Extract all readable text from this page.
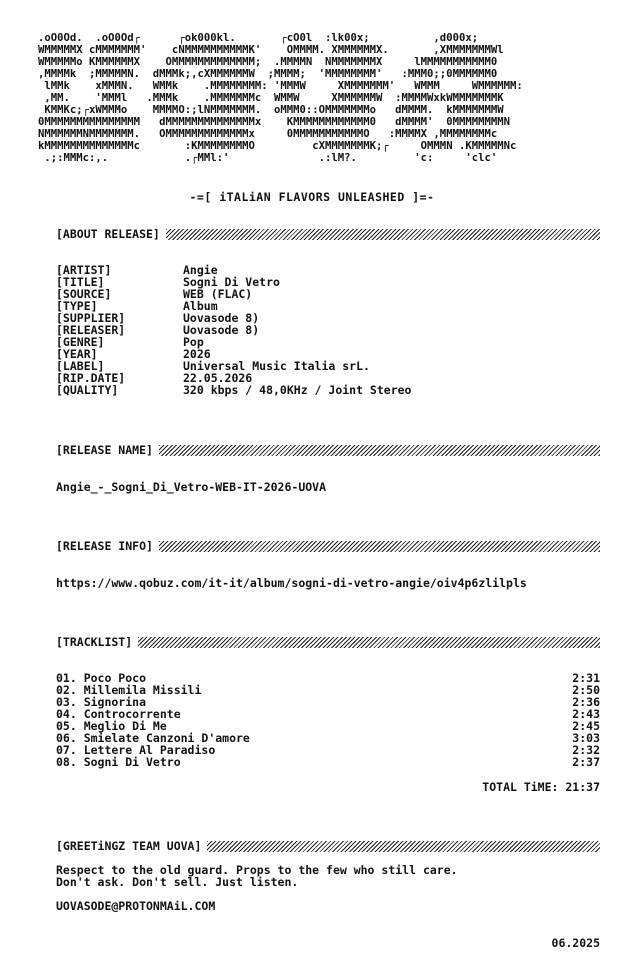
.oO0Od.  .oO0Od┌      ┌ok000kl.       ┌cO0l  :lk00x;          ,d000x;
WMMMMMX cMMMMMMM'    cNMMMMMMMMMMK'    OMMMM. XMMMMMMX.       ,XMMMMMMMWl
WMMMMMo KMMMMMMX    OMMMMMMMMMMMMM;  .MMMMN  NMMMMMMMX     lMMMMMMMMMMM0
,MMMMk  ;MMMMMN.  dMMMk;,cXMMMMMMW  ;MMMM;  'MMMMMMMM'   :MMM0;;0MMMMMM0
lMMk    xMMMN.   WMMk    .MMMMMMMM: 'MMMW     XMMMMMMM'   WMMM     WMMMMMM:
,MM.    'MMMl   .MMMk    .MMMMMMMc  WMMW     XMMMMMMW  :MMMMWxkWMMMMMMMK
KMMKc;┌xWMMMo    MMMMO:;lNMMMMMMM.  oMMM0::OMMMMMMMo   dMMMM.  kMMMMMMMW
0MMMMMMMMMMMMMMM   dMMMMMMMMMMMMMMx    KMMMMMMMMMMMM0   dMMMM'  0MMMMMMMMN
NMMMMMMNMMMMMMM.   OMMMMMMMMMMMMMx     0MMMMMMMMMMMO   :MMMMX ,MMMMMMMMc
kMMMMMMMMMMMMMMc       :KMMMMMMMMO         cXMMMMMMMK;┌     OMMMN .KMMMMMNc
.;:MMMc:,.            .┌MMl:'              .:lM?.         'c:     'clc'
-=[ iTALiAN FLAVORS UNLEASHED ]=-
[ABOUT RELEASE]
[ARTIST]	Angie
[TITLE]	Sogni Di Vetro
[SOURCE]	WEB (FLAC)
[TYPE]	Album
[SUPPLIER]	Uovasode 8)
[RELEASER]	Uovasode 8)
[GENRE]	Pop
[YEAR]	2026
[LABEL]	Universal Music Italia srL.
[RIP.DATE]	22.05.2026
[QUALITY]	320 kbps / 48,0KHz / Joint Stereo
[RELEASE NAME]
Angie_-_Sogni_Di_Vetro-WEB-IT-2026-UOVA
[RELEASE INFO]
https://www.qobuz.com/it-it/album/sogni-di-vetro-angie/oiv4p6zlilpls
[TRACKLIST]
01. Poco Poco	2:31
02. Millemila Missili	2:50
03. Signorina	2:36
04. Controcorrente	2:43
05. Meglio Di Me	2:45
06. Smielate Canzoni D'amore	3:03
07. Lettere Al Paradiso	2:32
08. Sogni Di Vetro	2:37
TOTAL TiME: 21:37
[GREETiNGZ TEAM UOVA]
Respect to the old guard. Props to the few who still care.
Don't ask. Don't sell. Just listen.
UOVASODE@PROTONMAiL.COM
06.2025
